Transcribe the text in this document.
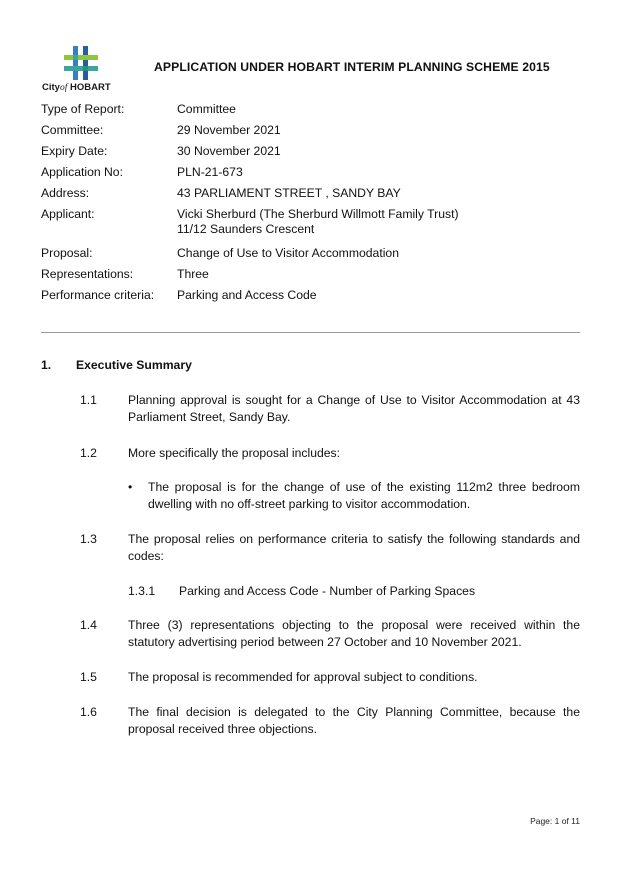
Cityof HOBART
APPLICATION UNDER HOBART INTERIM PLANNING SCHEME 2015
Type of Report:	Committee
Committee:	29 November 2021
Expiry Date:	30 November 2021
Application No:	PLN-21-673
Address:	43 PARLIAMENT STREET , SANDY BAY
Applicant:	Vicki Sherburd (The Sherburd Willmott Family Trust)
11/12 Saunders Crescent
Proposal:	Change of Use to Visitor Accommodation
Representations:	Three
Performance criteria: Parking and Access Code
1. Executive Summary
1.1	Planning approval is sought for a Change of Use to Visitor Accommodation at 43 Parliament Street, Sandy Bay.
1.2	More specifically the proposal includes:
• The proposal is for the change of use of the existing 112m2 three bedroom dwelling with no off-street parking to visitor accommodation.
1.3	The proposal relies on performance criteria to satisfy the following standards and codes:
1.3.1 Parking and Access Code - Number of Parking Spaces
1.4	Three (3) representations objecting to the proposal were received within the statutory advertising period between 27 October and 10 November 2021.
1.5	The proposal is recommended for approval subject to conditions.
1.6	The final decision is delegated to the City Planning Committee, because the proposal received three objections.
Page: 1 of 11
